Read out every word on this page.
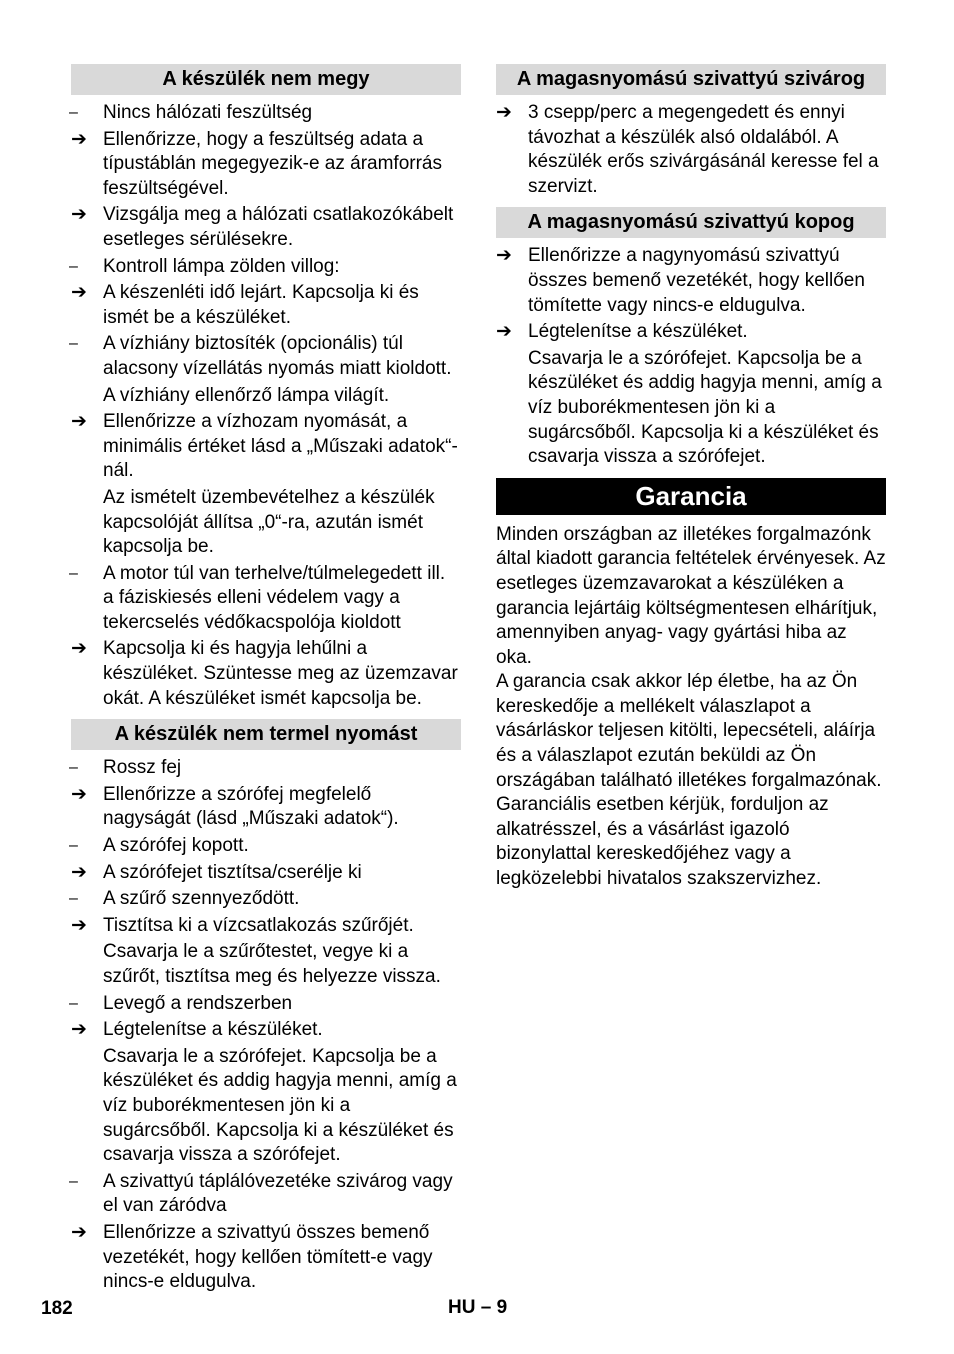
A készülék nem megy
–	Nincs hálózati feszültség
➔ Ellenőrizze, hogy a feszültség adata a típustáblán megegyezik-e az áramforrás feszültségével.
➔ Vizsgálja meg a hálózati csatlakozókábelt esetleges sérülésekre.
–	Kontroll lámpa zölden villog:
➔ A készenléti idő lejárt. Kapcsolja ki és ismét be a készüléket.
–	A vízhiány biztosíték (opcionális) túl alacsony vízellátás nyomás miatt kioldott.
A vízhiány ellenőrző lámpa világít.
➔ Ellenőrizze a vízhozam nyomását, a minimális értéket lásd a „Műszaki adatok“-nál.
Az ismételt üzembevételhez a készülék kapcsolóját állítsa „0“-ra, azután ismét kapcsolja be.
–	A motor túl van terhelve/túlmelegedett ill. a fáziskiesés elleni védelem vagy a tekercselés védőkacspolója kioldott
➔ Kapcsolja ki és hagyja lehűlni a készüléket. Szüntesse meg az üzemzavar okát. A készüléket ismét kapcsolja be.
A készülék nem termel nyomást
–	Rossz fej
➔ Ellenőrizze a szórófej megfelelő nagyságát (lásd „Műszaki adatok“).
–	A szórófej kopott.
➔ A szórófejet tisztítsa/cserélje ki
–	A szűrő szennyeződött.
➔ Tisztítsa ki a vízcsatlakozás szűrőjét.
Csavarja le a szűrőtestet, vegye ki a szűrőt, tisztítsa meg és helyezze vissza.
–	Levegő a rendszerben
➔ Légtelenítse a készüléket.
Csavarja le a szórófejet. Kapcsolja be a készüléket és addig hagyja menni, amíg a víz buborékmentesen jön ki a sugárcsőből. Kapcsolja ki a készüléket és csavarja vissza a szórófejet.
–	A szivattyú táplálóvezetéke szivárog vagy el van záródva
➔ Ellenőrizze a szivattyú összes bemenő vezetékét, hogy kellően tömített-e vagy nincs-e eldugulva.
A magasnyomású szivattyú szivárog
➔ 3 csepp/perc a megengedett és ennyi távozhat a készülék alsó oldalából. A készülék erős szivárgásánál keresse fel a szervizt.
A magasnyomású szivattyú kopog
➔ Ellenőrizze a nagynyomású szivattyú összes bemenő vezetékét, hogy kellően tömítette vagy nincs-e eldugulva.
➔ Légtelenítse a készüléket.
Csavarja le a szórófejet. Kapcsolja be a készüléket és addig hagyja menni, amíg a víz buborékmentesen jön ki a sugárcsőből. Kapcsolja ki a készüléket és csavarja vissza a szórófejet.
Garancia

Minden országban az illetékes forgalmazónk által kiadott garancia feltételek érvényesek. Az esetleges üzemzavarokat a készüléken a garancia lejártáig költségmentesen elhárítjuk, amennyiben anyag- vagy gyártási hiba az oka.

A garancia csak akkor lép életbe, ha az Ön kereskedője a mellékelt válaszlapot a vásárláskor teljesen kitölti, lepecsételi, aláírja és a válaszlapot ezután beküldi az Ön országában található illetékes forgalmazónak.

Garanciális esetben kérjük, forduljon az alkatrésszel, és a vásárlást igazoló bizonylattal kereskedőjéhez vagy a legközelebbi hivatalos szakszervizhez.

182	HU – 9
